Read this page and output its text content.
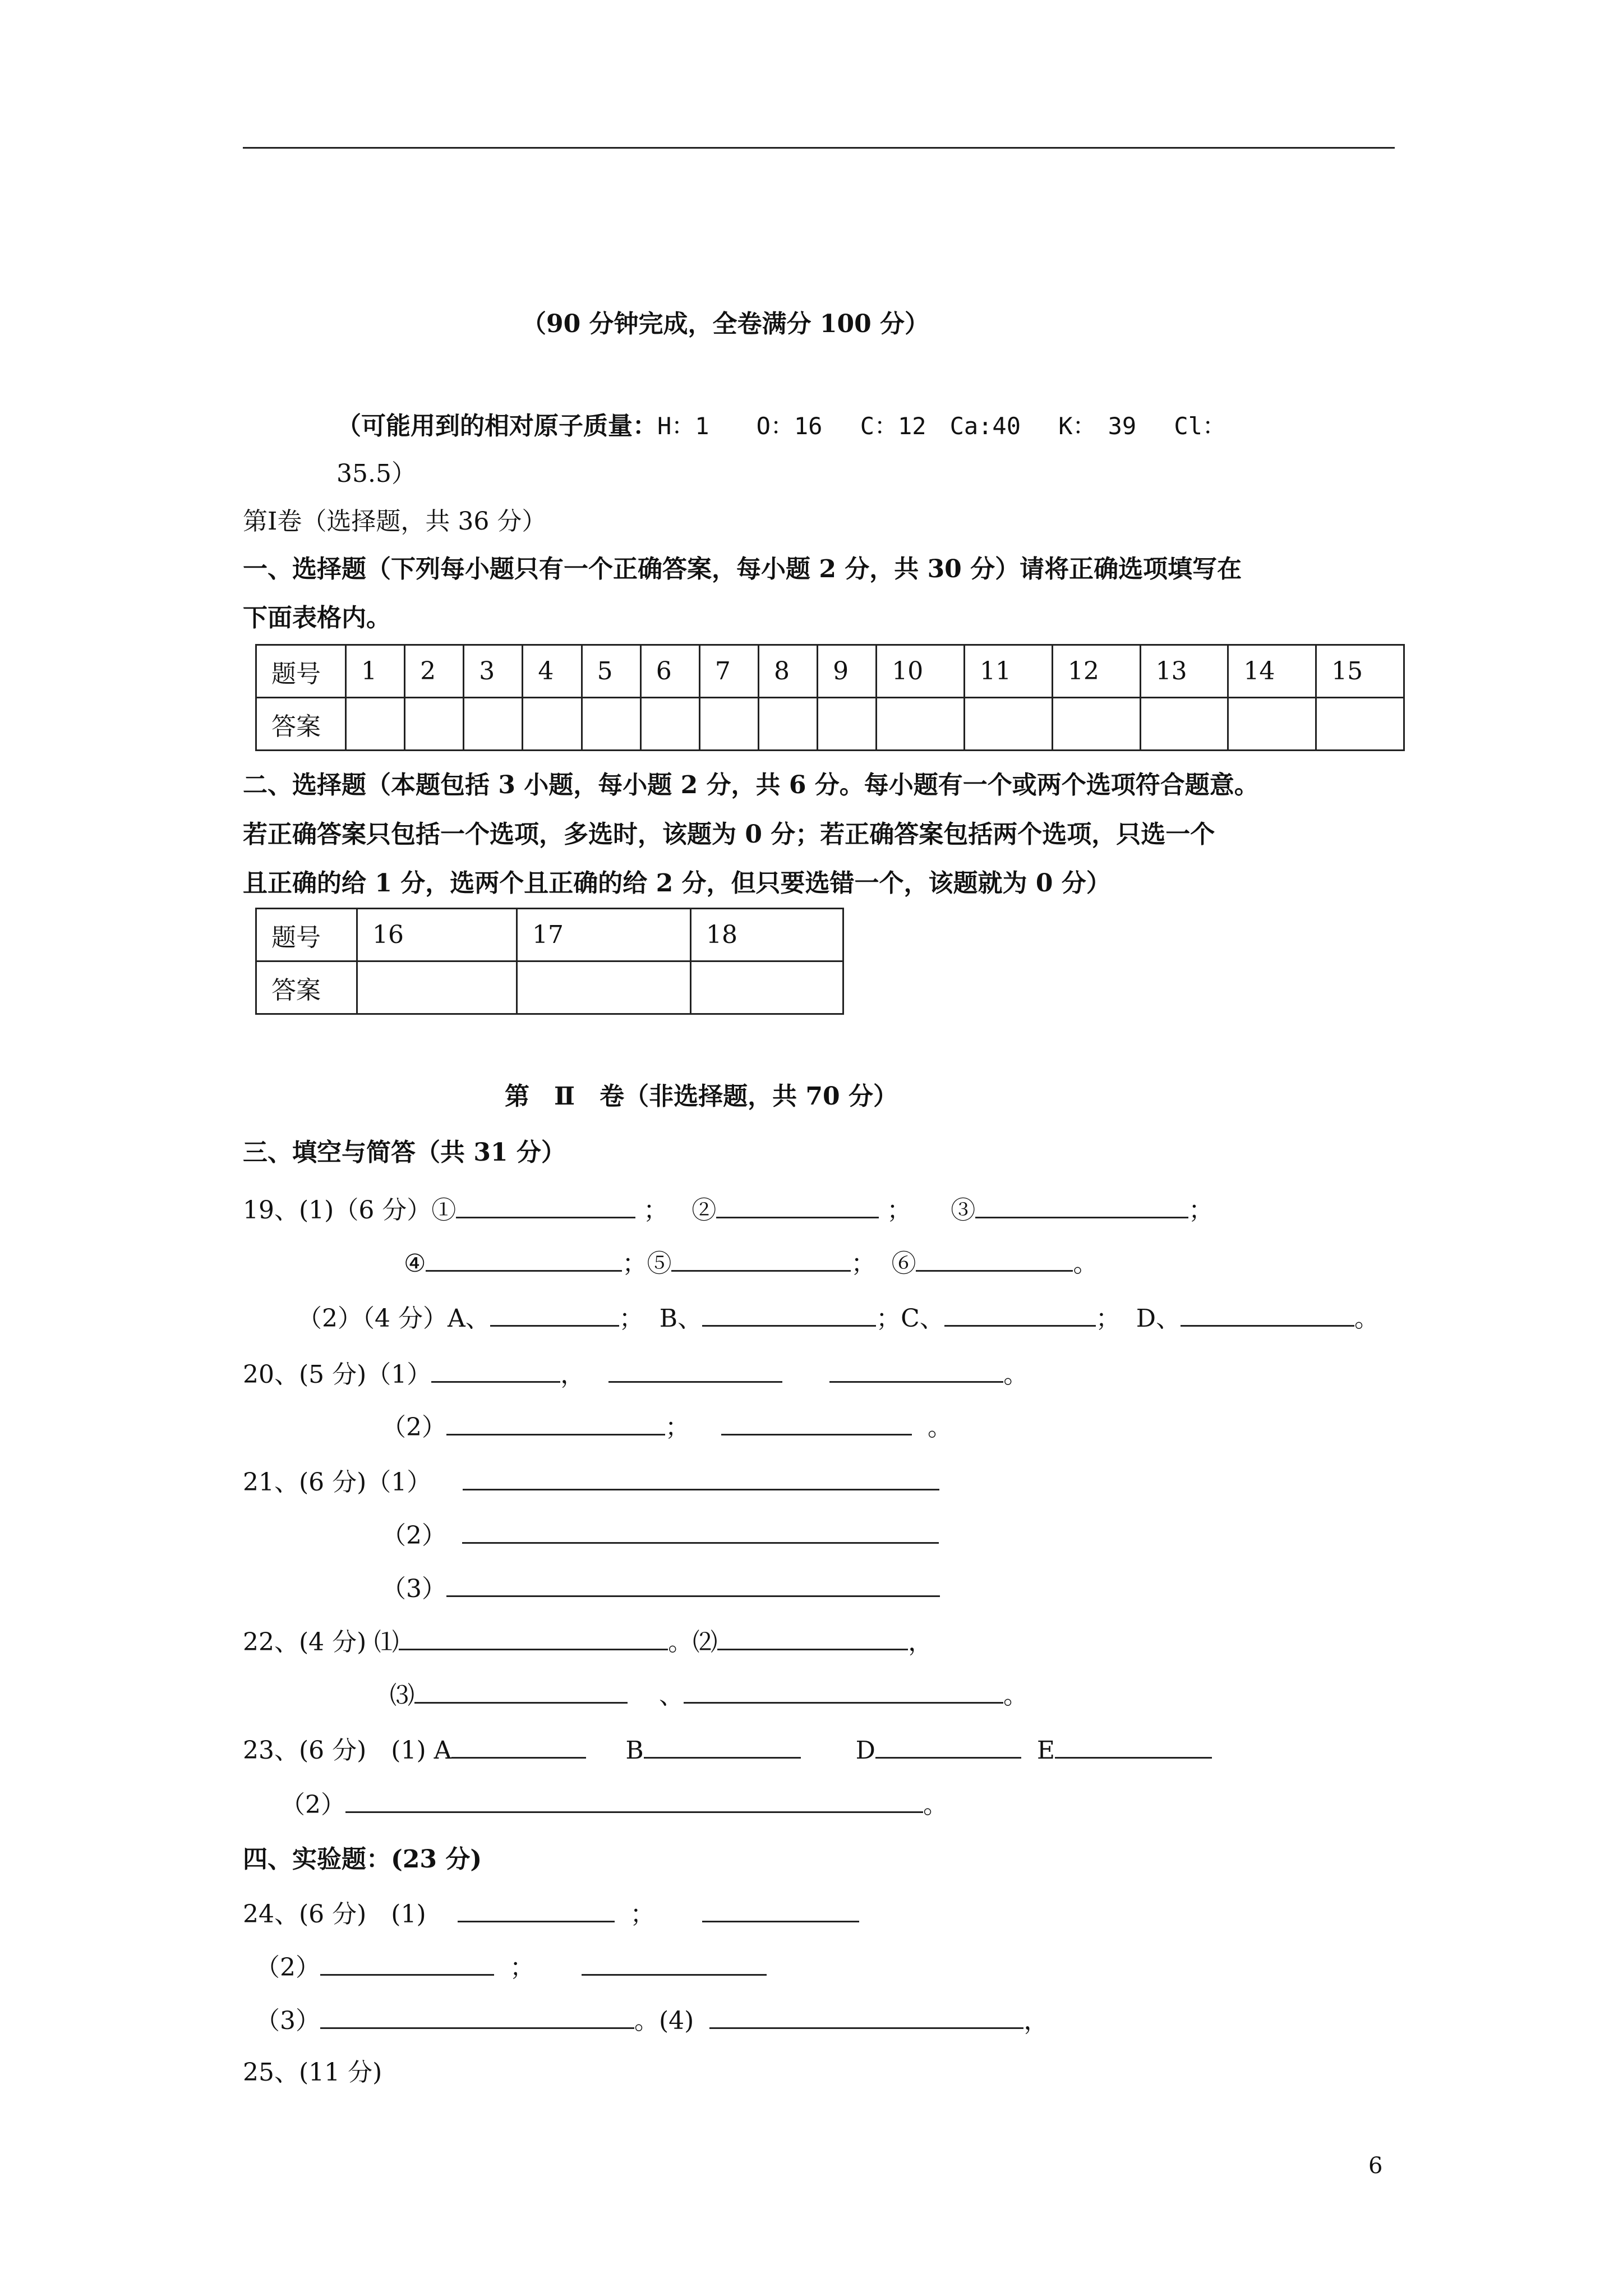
（90 分钟完成，全卷满分 100 分）
（可能用到的相对原子质量：H：1　　O：16　 C：12　Ca:40　 K：　39　 Cl：
35.5）
第Ⅰ卷（选择题，共 36 分）
一、选择题（下列每小题只有一个正确答案，每小题 2 分，共 30 分）请将正确选项填写在
下面表格内。
题号	1	2	3	4	5	6	7	8	9	10	11	12	13	14	15
答案															
二、选择题（本题包括 3 小题，每小题 2 分，共 6 分。每小题有一个或两个选项符合题意。
若正确答案只包括一个选项，多选时，该题为 0 分；若正确答案包括两个选项，只选一个
且正确的给 1 分，选两个且正确的给 2 分，但只要选错一个，该题就为 0 分）
题号	16	17	18
答案			
第　Ⅱ　卷（非选择题，共 70 分）
三、填空与简答（共 31 分）
19、(1)（6 分）①	； ②	； ③	；
④	；⑤	； ⑥	。
（2）（4 分）A、	； B、	；C、	； D、	。
20、(5 分)（1）	，	。
（2）	；	。
21、(6 分)（1）
（2）
（3）
22、(4 分) ⑴	。⑵	，
⑶	、	。
23、(6 分)　(1) A	B	D	E
（2）	。
四、实验题：(23 分)
24、(6 分)　(1)	；
（2）	；
（3）	。(4)	，
25、(11 分)
6
